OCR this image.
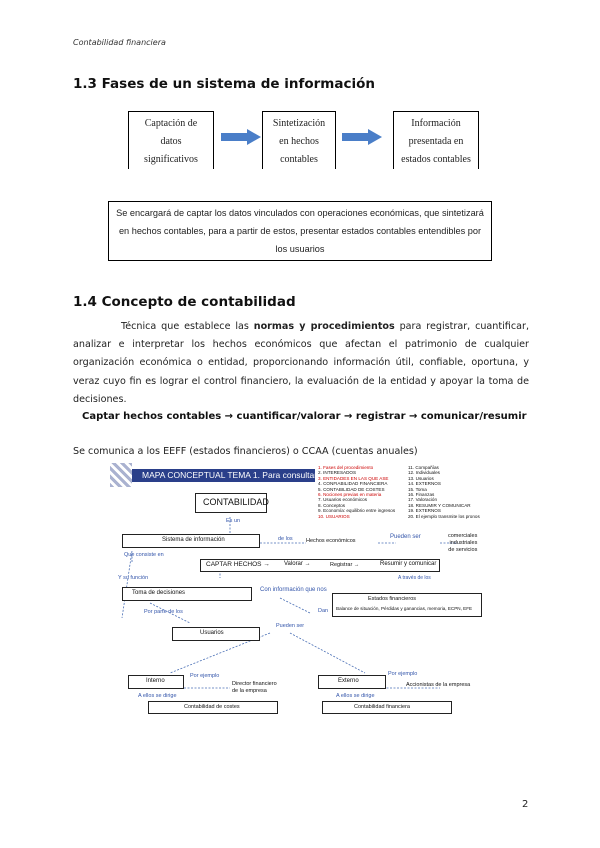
Contabilidad financiera
1.3 Fases de un sistema de información
Captación de
datos
significativos
Sintetización
en hechos
contables
Información
presentada en
estados contables
Se encargará de captar los datos vinculados con operaciones económicas, que sintetizará
en hechos contables, para a partir de estos, presentar estados contables entendibles por
los usuarios
1.4 Concepto de contabilidad
Técnica que establece las normas y procedimientos para registrar, cuantificar, analizar e interpretar los hechos económicos que afectan el patrimonio de cualquier organización económica o entidad, proporcionando información útil, confiable, oportuna, y veraz cuyo fin es lograr el control financiero, la evaluación de la entidad y apoyar la toma de decisiones.
Captar hechos contables → cuantificar/valorar → registrar → comunicar/resumir
Se comunica a los EEFF (estados financieros) o CCAA (cuentas anuales)
MAPA CONCEPTUAL TEMA 1. Para consultar
1. Fases del procedimiento
2. INTERESADOS
3. ENTIDADES EN LAS QUE ASE
4. CONFIABILIDAD FINANCIERA
5. CONTABILIDAD DE COSTES
6. Nociones previas en materia
7. Usuarios económicos
8. Conceptos
9. Economía: equilibrio entre ingresos
10. USUARIOS
11. Compañías
12. Individuales
13. Usuarios
14. EXTERNOS
15. Toma
16. Finanzas
17. Valoración
18. RESUMIR Y COMUNICAR
19. EXTERNOS
20. El ejemplo transmite los pronos
CONTABILIDAD
Es un
Sistema de información	de los Hechos económicos
Pueden ser	comerciales
industriales
de servicios
Que consiste en
CAPTAR HECHOS → Valorar →	Registrar →	Resumir y comunicar
A través de los
Y su función
Toma de decisiones	Con información que nos
Dan
Estados financieros
Balance de situación, Pérdidas y ganancias, memoria, ECPN, EFE
Por parte de los
Usuarios
Pueden ser
Interno
Por ejemplo
Director financiero
de la empresa
Externo
Por ejemplo
Accionistas de la empresa
A ellos se dirige	A ellos se dirige
Contabilidad de costes	Contabilidad financiera
2
